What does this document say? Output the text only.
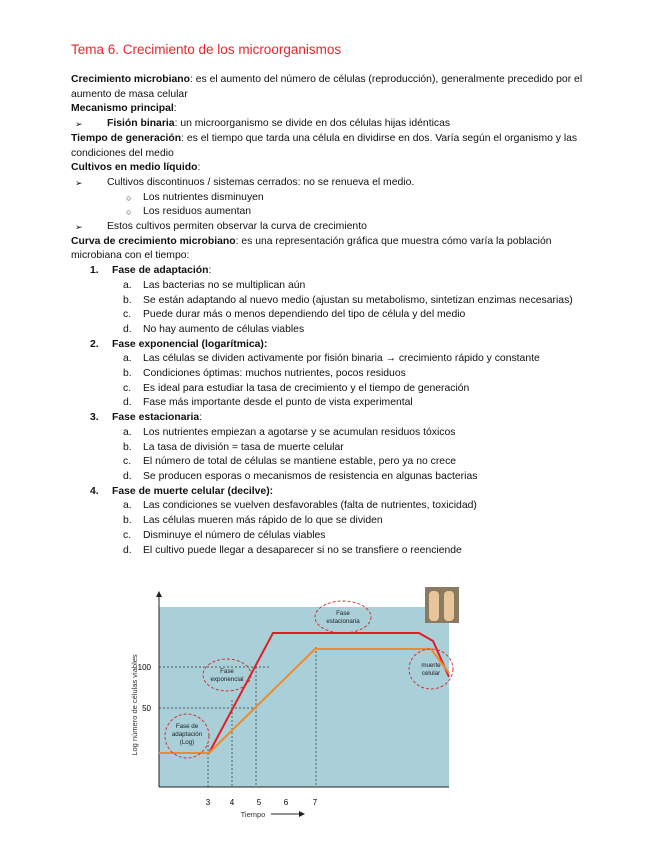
Tema 6. Crecimiento de los microorganismos

Crecimiento microbiano: es el aumento del número de células (reproducción), generalmente precedido por el aumento de masa celular

Mecanismo principal:

➢ Fisión binaria: un microorganismo se divide en dos células hijas idénticas

Tiempo de generación: es el tiempo que tarda una célula en dividirse en dos. Varía según el organismo y las condiciones del medio

Cultivos en medio líquido:

➢ Cultivos discontinuos / sistemas cerrados: no se renueva el medio.

○ Los nutrientes disminuyen

○ Los residuos aumentan

➢ Estos cultivos permiten observar la curva de crecimiento

Curva de crecimiento microbiano: es una representación gráfica que muestra cómo varía la población microbiana con el tiempo:

1. Fase de adaptación:

a. Las bacterias no se multiplican aún

b. Se están adaptando al nuevo medio (ajustan su metabolismo, sintetizan enzimas necesarias)

c. Puede durar más o menos dependiendo del tipo de célula y del medio

d. No hay aumento de células viables

2. Fase exponencial (logarítmica):

a. Las células se dividen activamente por fisión binaria → crecimiento rápido y constante

b. Condiciones óptimas: muchos nutrientes, pocos residuos

c. Es ideal para estudiar la tasa de crecimiento y el tiempo de generación

d. Fase más importante desde el punto de vista experimental

3. Fase estacionaria:

a. Los nutrientes empiezan a agotarse y se acumulan residuos tóxicos

b. La tasa de división = tasa de muerte celular

c. El número de total de células se mantiene estable, pero ya no crece

d. Se producen esporas o mecanismos de resistencia en algunas bacterias

4. Fase de muerte celular (decilve):

a. Las condiciones se vuelven desfavorables (falta de nutrientes, toxicidad)

b. Las células mueren más rápido de lo que se dividen

c. Disminuye el número de células viables

d. El cultivo puede llegar a desaparecer si no se transfiere o reenciende

100
50
Log número de células viables
3 4	5	6	7
Tiempo
Fase de
adaptación
(Log)
Fase
exponencial
Fase
estacionaria
muerte
celular
